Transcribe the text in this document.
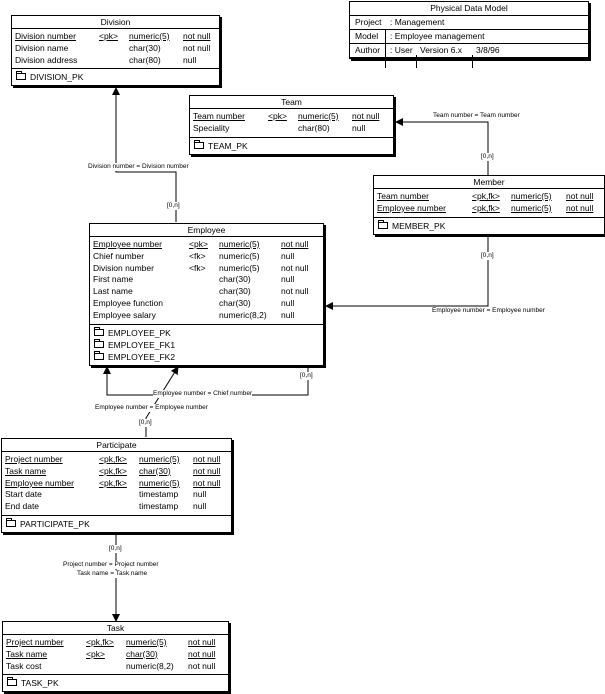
Physical Data Model
Project : Management
Model : Employee management
Author : User Version 6.x 3/8/96
Division
Division number	<pk> numeric(5) not null
Division name	char(30)	not null
Division address	char(80)	null
DIVISION_PK
Team
Team number	<pk> numeric(5) not null
Speciality	char(80)	null
TEAM_PK
Member
Team number	<pk,fk> numeric(5) not null
Employee number	<pk,fk> numeric(5) not null
MEMBER_PK
Employee
Employee number	<pk> numeric(5)	not null
Chief number	<fk> numeric(5)	null
Division number	<fk> numeric(5)	not null
First name	char(30)	null
Last name	char(30)	not null
Employee function	char(30)	null
Employee salary	numeric(8,2) null
EMPLOYEE_PK
EMPLOYEE_FK1
EMPLOYEE_FK2
Participate
Project number	<pk,fk> numeric(5) not null
Task name	<pk,fk> char(30)	not null
Employee number	<pk,fk> numeric(5) not null
Start date	timestamp null
End date	timestamp null
PARTICIPATE_PK
Task
Project number	<pk,fk> numeric(5)	not null
Task name	<pk> char(30)	not null
Task cost	numeric(8,2) not null
TASK_PK
Team number = Team number
[0,n]
Division number = Division number
[0,n]
[0,n]
Employee number = Employee number
Employee number = Chief number
[0,n]
Employee number = Employee number
[0,n]
[0,n]
Project number = Project number
Task name = Task name
